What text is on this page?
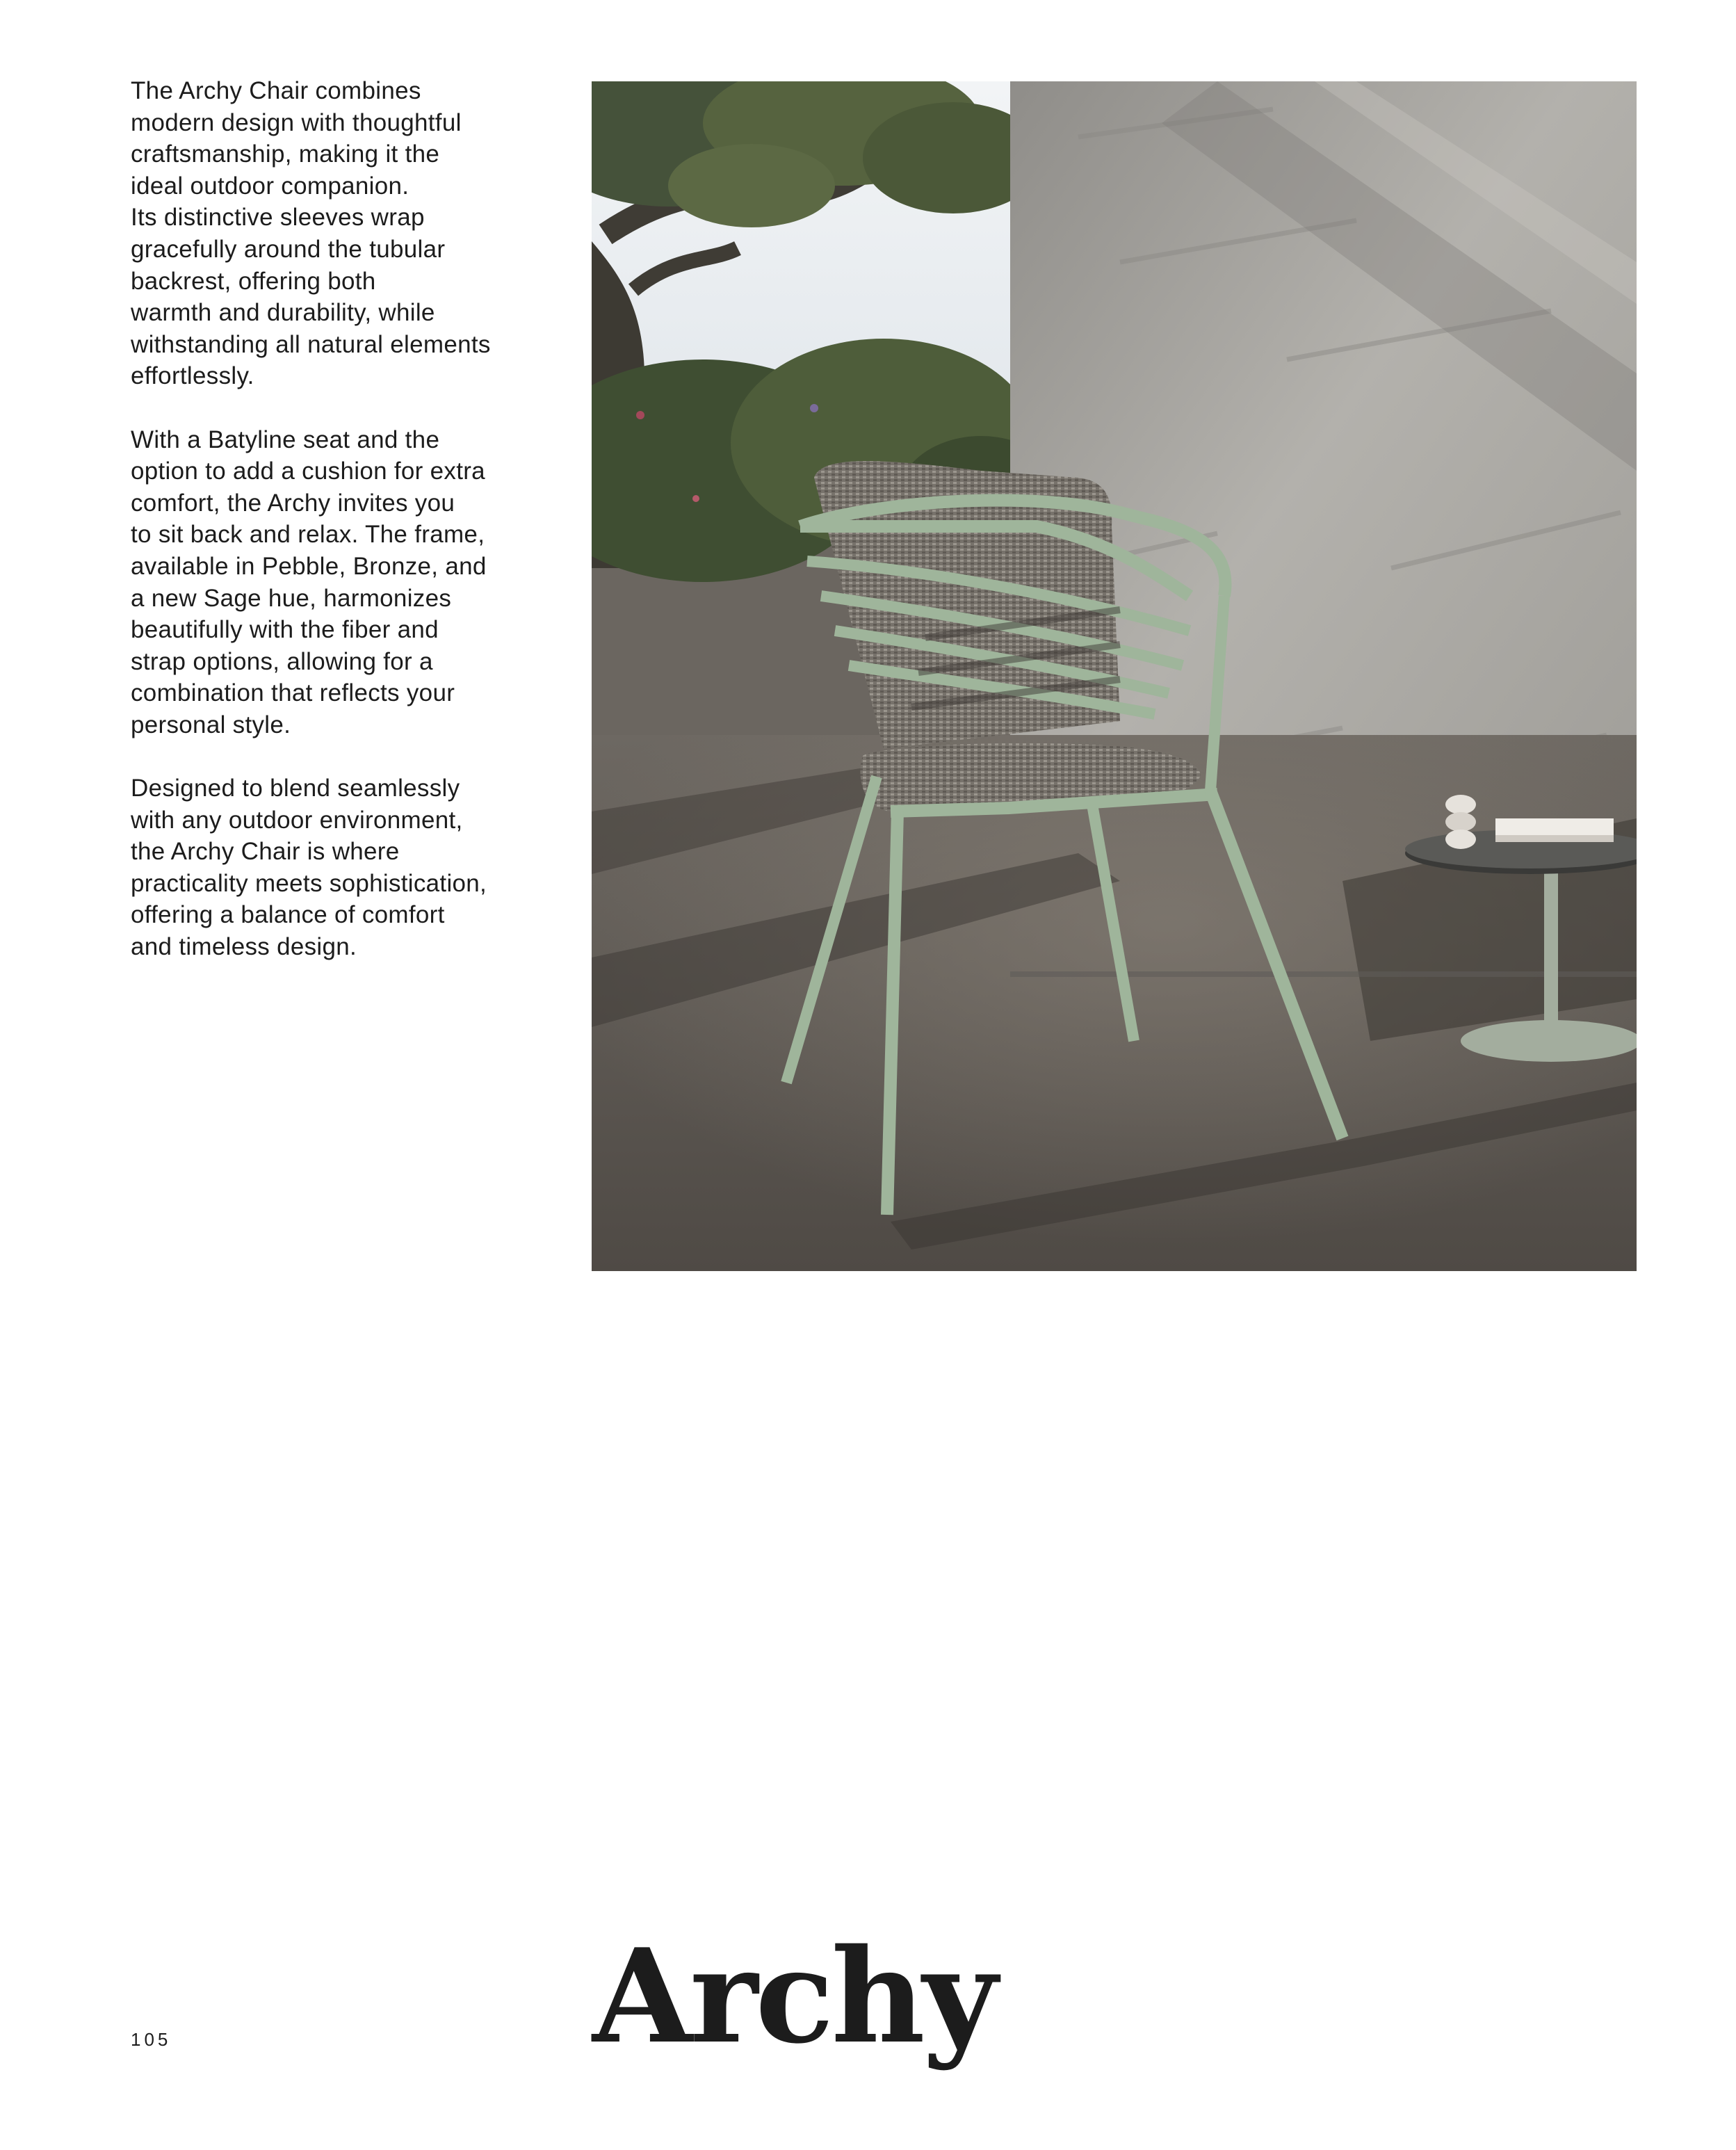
The Archy Chair combines
modern design with thoughtful
craftsmanship, making it the
ideal outdoor companion.
Its distinctive sleeves wrap
gracefully around the tubular
backrest, offering both
warmth and durability, while
withstanding all natural elements
effortlessly.

With a Batyline seat and the
option to add a cushion for extra
comfort, the Archy invites you
to sit back and relax. The frame,
available in Pebble, Bronze, and
a new Sage hue, harmonizes
beautifully with the fiber and
strap options, allowing for a
combination that reflects your
personal style.

Designed to blend seamlessly
with any outdoor environment,
the Archy Chair is where
practicality meets sophistication,
offering a balance of comfort
and timeless design.

Archy
105
